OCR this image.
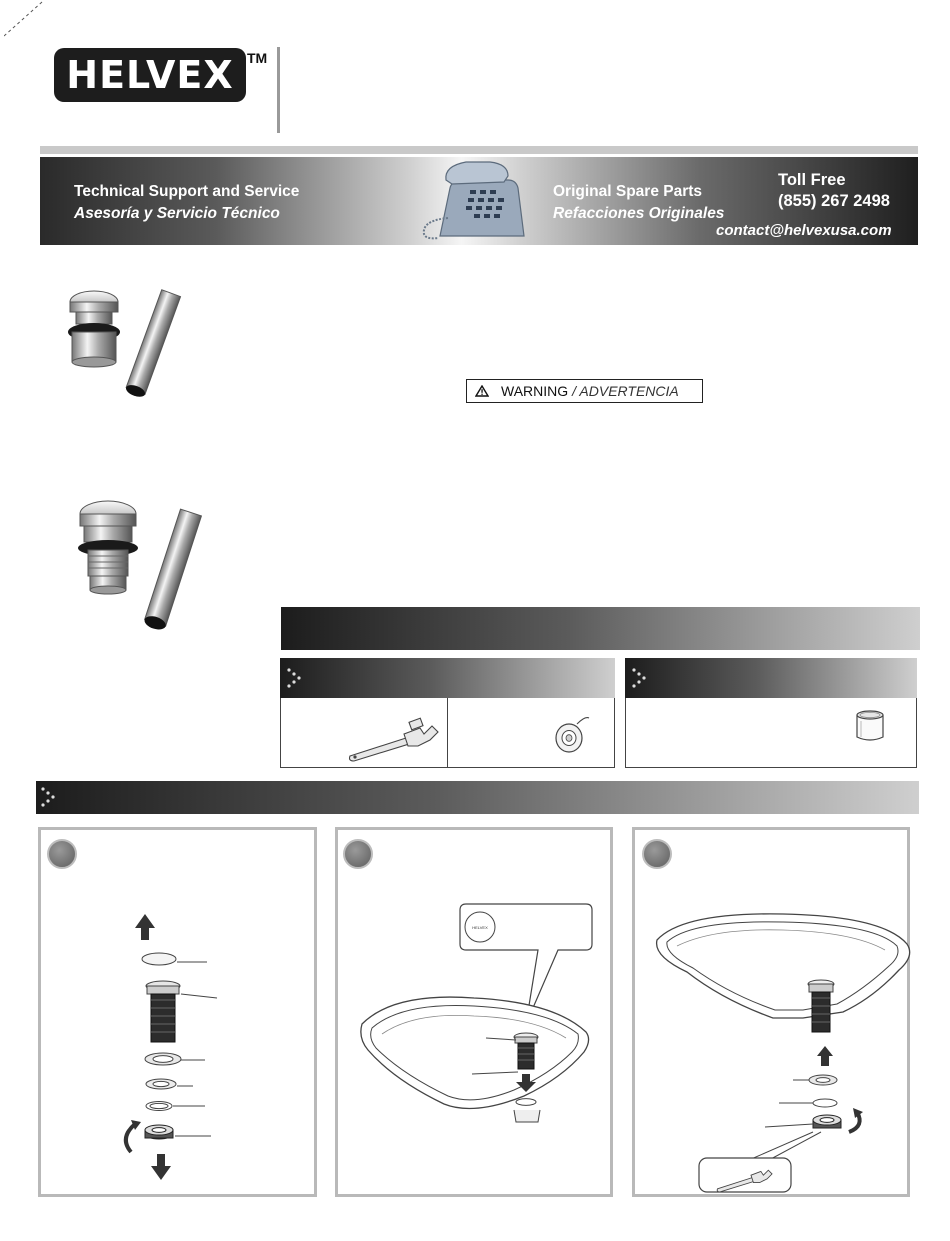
HELVEX TM
Technical Support and Service
Asesoría y Servicio Técnico
Original Spare Parts
Refacciones Originales
Toll Free
(855) 267 2498
contact@helvexusa.com
WARNING / ADVERTENCIA
HELVEX
